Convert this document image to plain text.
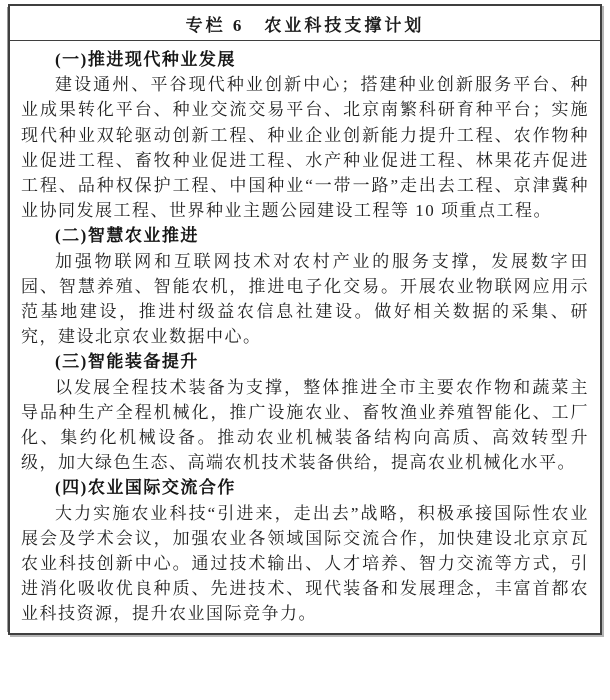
专栏 6　农业科技支撑计划
(一)推进现代种业发展

建设通州、平谷现代种业创新中心；搭建种业创新服务平台、种业成果转化平台、种业交流交易平台、北京南繁科研育种平台；实施现代种业双轮驱动创新工程、种业企业创新能力提升工程、农作物种业促进工程、畜牧种业促进工程、水产种业促进工程、林果花卉促进工程、品种权保护工程、中国种业“一带一路”走出去工程、京津冀种业协同发展工程、世界种业主题公园建设工程等 10 项重点工程。

(二)智慧农业推进

加强物联网和互联网技术对农村产业的服务支撑，发展数字田园、智慧养殖、智能农机，推进电子化交易。开展农业物联网应用示范基地建设，推进村级益农信息社建设。做好相关数据的采集、研究，建设北京农业数据中心。

(三)智能装备提升

以发展全程技术装备为支撑，整体推进全市主要农作物和蔬菜主导品种生产全程机械化，推广设施农业、畜牧渔业养殖智能化、工厂化、集约化机械设备。推动农业机械装备结构向高质、高效转型升级，加大绿色生态、高端农机技术装备供给，提高农业机械化水平。

(四)农业国际交流合作

大力实施农业科技“引进来，走出去”战略，积极承接国际性农业展会及学术会议，加强农业各领域国际交流合作，加快建设北京京瓦农业科技创新中心。通过技术输出、人才培养、智力交流等方式，引进消化吸收优良种质、先进技术、现代装备和发展理念，丰富首都农业科技资源，提升农业国际竞争力。
